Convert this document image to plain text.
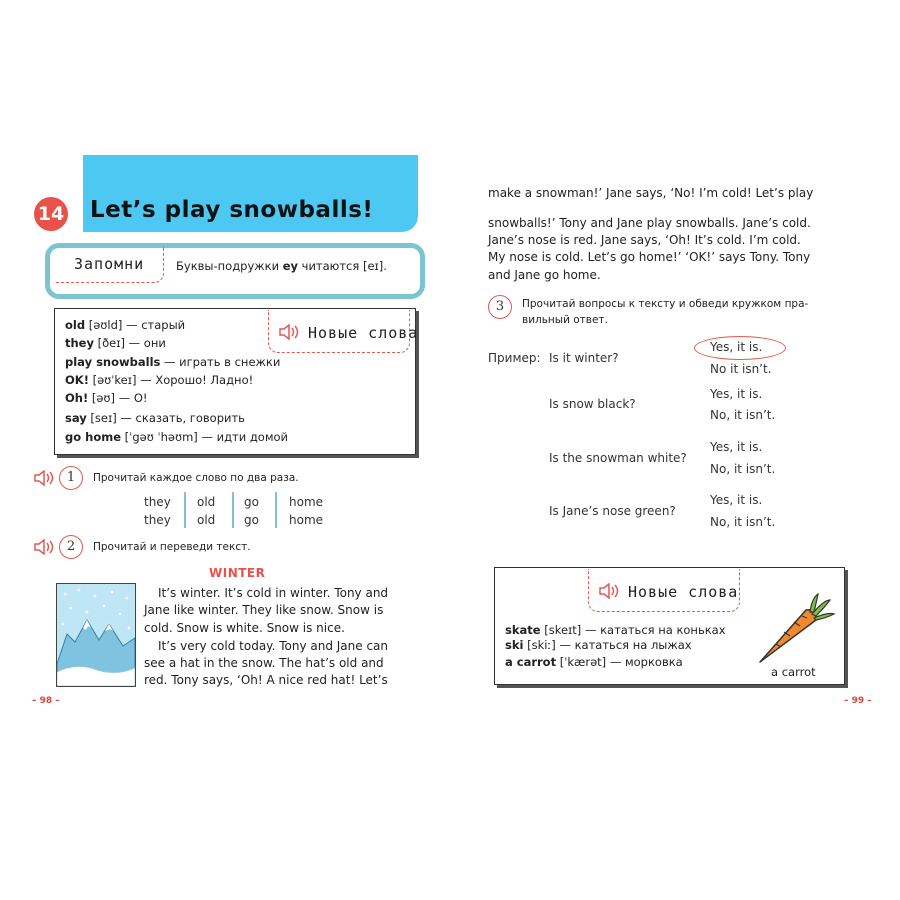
14 Let’s play snowballs!
Запомни	Буквы-подружки ey читаются [eɪ].
Новые слова
old [əʊld] — старый
they [ðeɪ] — они
play snowballs — играть в снежки
OK! [əʊˈkeɪ] — Хорошо! Ладно!
Oh! [əʊ] — О!
say [seɪ] — сказать, говорить
go home [ˈgəʊ ˈhəʊm] — идти домой
1	Прочитай каждое слово по два раза.
they old go	home
they old go	home
2	Прочитай и переведи текст.
WINTER
It’s winter. It’s cold in winter. Tony and
Jane like winter. They like snow. Snow is
cold. Snow is white. Snow is nice.
It’s very cold today. Tony and Jane can
see a hat in the snow. The hat’s old and
red. Tony says, ‘Oh! A nice red hat! Let’s
– 98 –
make a snowman!’ Jane says, ‘No! I’m cold! Let’s play
snowballs!’ Tony and Jane play snowballs. Jane’s cold.
Jane’s nose is red. Jane says, ‘Oh! It’s cold. I’m cold.
My nose is cold. Let’s go home!’ ‘OK!’ says Tony. Tony
and Jane go home.
3	Прочитай вопросы к тексту и обведи кружком пра-
вильный ответ.
Пример: Is it winter?
Yes, it is.
No it isn’t.
Is snow black?
Yes, it is.
No, it isn’t.
Is the snowman white?
Yes, it is.
No, it isn’t.
Is Jane’s nose green?
Yes, it is.
No, it isn’t.
Новые слова
skate [skeɪt] — кататься на коньках
ski [skiː] — кататься на лыжах
a carrot [ˈkærət] — морковка
a carrot
– 99 –
